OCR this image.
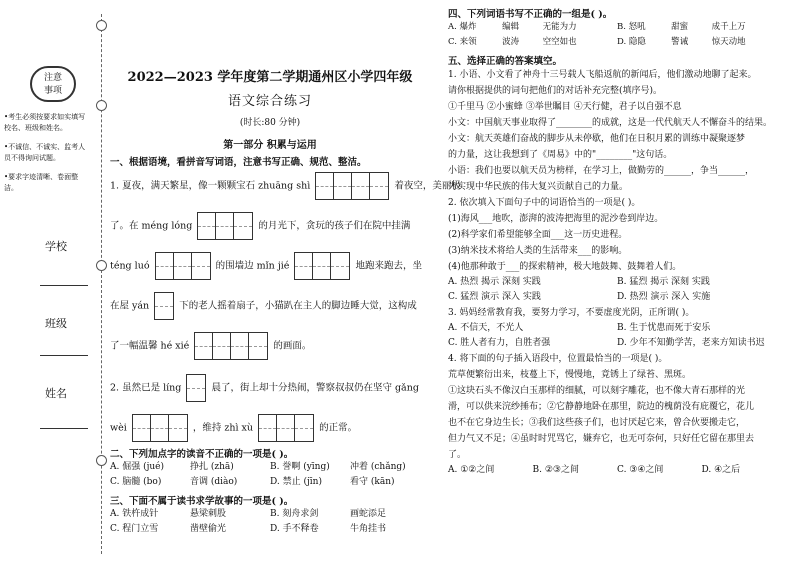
注意
事项
•考生必须按要求如实填写校名、班级和姓名。
•不诚信、不诚实、监考人员不得询问试题。
•要求字迹清晰、卷面整洁。
学校
班级
姓名
2022—2023 学年度第二学期通州区小学四年级
语文综合练习
(时长:80 分钟)
第一部分 积累与运用
一、根据语境，看拼音写词语，注意书写正确、规范、整洁。
1. 夏夜，满天繁星，像一颗颗宝石 zhuāng shì	着夜空，美丽极
了。在 méng lóng	的月光下，贪玩的孩子们在院中挂满
téng luó	的围墙边 mǐn jié	地跑来跑去，坐
在屋 yán	下的老人摇着扇子，小猫趴在主人的脚边睡大觉，这构成
了一幅温馨 hé xié	的画面。
2. 虽然已是 líng	晨了，街上却十分热闹，警察叔叔仍在坚守 gǎng
wèi	，维持 zhì xù	的正常。
二、下列加点字的读音不正确的一项是( )。
A. 倔强 (jué)	挣扎 (zhā)	B. 誉啊 (yīng)	冲着 (chǎng)
C. 脑髓 (bo)	音调 (diào)	D. 禁止 (jīn)	看守 (kān)
三、下面不属于读书求学故事的一项是( )。
A. 铁杵成针	悬梁刺股	B. 刻舟求剑	画蛇添足
C. 程门立雪	凿壁偷光	D. 手不释卷	牛角挂书
四、下列词语书写不正确的一组是( )。
A. 爆炸	编辑	无能为力	B. 怒吼	甜蜜	成千上万
C. 来领	波涛	空空如也	D. 隐隐	警诫	惊天动地
五、选择正确的答案填空。
1. 小语、小文看了神舟十三号载人飞船返航的新闻后，他们激动地聊了起来。
请你根据提供的词句把他们的对话补充完整(填序号)。
①千里马 ②小蜜蜂 ③举世瞩目 ④天行健，君子以自强不息
小文：中国航天事业取得了________的成就，这是一代代航天人不懈奋斗的结果。
小文：航天英雄们奋战的脚步从未停歇，他们在日积月累的训练中凝聚逐梦
的力量，这让我想到了《周易》中的"________"这句话。
小语：我们也要以航天员为榜样，在学习上，做勤劳的______，争当______，
为实现中华民族的伟大复兴贡献自己的力量。
2. 依次填入下面句子中的词语恰当的一项是( )。
(1)海风___地吹，澎湃的波涛把海里的泥沙卷到岸边。
(2)科学家们希望能够全面___这一历史进程。
(3)纳米技术将给人类的生活带来___的影响。
(4)他那种敢于___的探索精神，极大地鼓舞、鼓舞着人们。
A. 热烈 揭示 深刻 实践	B. 猛烈 揭示 深刻 实践
C. 猛烈 演示 深入 实践	D. 热烈 演示 深入 实施
3. 妈妈经常教育我，要努力学习，不要虚度光阴，正所谓( )。
A. 不信天，不光人	B. 生于忧患而死于安乐
C. 胜人者有力，自胜者强	D. 少年不知勤学苦，老来方知读书迟
4. 将下面的句子插入语段中，位置最恰当的一项是( )。
荒草便繁衍出来，枝蔓上下，慢慢地，竟锈上了绿苔、黑斑。
①这块石头不像汉白玉那样的细腻，可以刻字雕花，也不像大青石那样的光
滑，可以供来浣纱捶布；②它静静地卧在那里，院边的槐荫没有庇覆它，花儿
也不在它身边生长；③我们这些孩子们，也讨厌起它来，曾合伙要搬走它，
但力气又不足；④虽时时咒骂它，嫌弃它，也无可奈何，只好任它留在那里去
了。
A. ①②之间	B. ②③之间	C. ③④之间	D. ④之后
